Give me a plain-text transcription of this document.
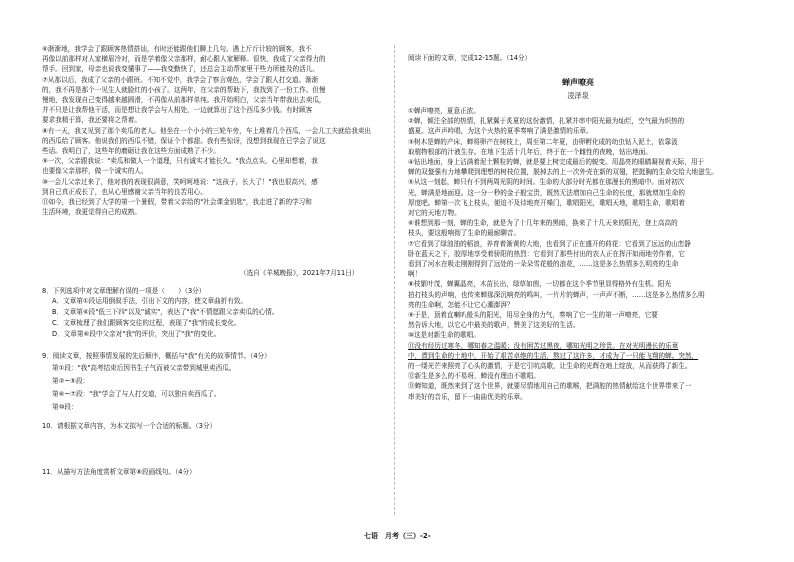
⑥渐渐地，我学会了跟顾客热情搭讪，有时还能跟他们聊上几句。遇上斤斤计较的顾客，我不
再像以前那样对人家横眉冷对，而是学着像父亲那样，耐心跟人家解释。很快，我成了父亲得力的
帮手。回到家，母亲也说我变懂事了——我变勤快了，还总会主动帮家里干些力所能及的活儿。
⑦从那以后，我成了父亲的小跟班。不知不觉中，我学会了察言观色，学会了跟人打交道。渐渐
的，我不再是那个一见生人就脸红的小孩了。这两年，在父亲的帮助下，我找到了一份工作。但慢
慢地，我发现自己变得越来越圆滑，不再像从前那样单纯。我开始明白，父亲当年带我出去卖瓜，
并不只是让我帮他干活，而是想让我学会与人相处，一边就算出了这个西瓜多少钱。有时顾客
要求我精于算，我还要将之帮着。
⑧有一天，我又见到了那个卖瓜的老人。他坐在一个小小的三轮车旁，车上堆着几个西瓜，一会儿工夫就给我卖出
的西瓜给了顾客。他说我们的西瓜不错，保证个个都甜。我有些惊讶，没想到我现在已学会了说这
些话。我明白了，这些年的磨砺让我在这些方面成熟了不少。
⑨一次，父亲跟我说："卖瓜和做人一个道理，只有诚实才能长久。"我点点头，心里却想着，我
也要像父亲那样，做一个诚实的人。
⑩一会儿父亲过来了，他对我的表现很满意，笑呵呵地说："这孩子，长大了！"我也很高兴，感
到自己真正成长了，也从心里感谢父亲当年的良苦用心。
⑪如今，我已经到了大学的第一个暑假，带着父亲给的"社会课金钥匙"，我走进了新的学习和
生活环境，我更觉得自己的成熟。
（选自《羊城晚报》，2021年7月11日）
8．下列选项中对文章理解有误的一项是（　　）（3分）
A．文章第①段运用倒叙手法，引出下文的内容，使文章曲折有致。
B．文章第⑥段"低三下四"以及"诚实"，表达了"我"不情愿跟父亲卖瓜的心情。
C．文章梳理了我们跟顾客交往的过程，表现了"我"的成长变化。
D．文章第⑥段中父亲对"我"的评价，突出了"我"的变化。
9．阅读文章，按照事情发展的先后顺序，概括与"我"有关的故事情节。（4分）
第①段："我"高考结束后因书生子气而被父亲带到城里卖西瓜。
第②~⑤段：
第⑥~⑦段："我"学会了与人打交道，可以独自卖西瓜了。
第⑩段：
10．请根据文章内容，为本文拟写一个合适的标题。（3分）
11．从描写方法角度赏析文章第⑧段画线句。（4分）
阅读下面的文章，完成12-15题。（14分）
蝉声嘹亮
凌泽泉
①蝉声嘹亮，夏意正浓。
②蝉，倾注全部的热情，扎紧翼于炙夏的这份激情，扎紧并串中阳光最为灿烂，空气最为炽热的
盛夏。这声声吟唱，为这个火热的夏季奏响了满是激情的乐章。
③树木是蝉的产床，蝉将卵产在树枝上，周至第二年夏，由卵孵化成的幼虫钻入泥土，依靠汲
取植物根部的汁液生存。在地下生活十几年后，终于在一个雌性的夜晚，钻出地面。
④钻出地面，身上沾满着泥土颗粒的蝉，就是要上树完成最后的蜕变。用晶亮的眼睛凝视着天际，用于
蝉的双螯强有力地攀爬到理想的树枝位置，脱掉去的上一次外壳在新的双翅，把挺胸的生命交给大地滋生。
⑤从这一刻起，蝉只有不到两周光阴的时间。生命的大部分时光都在那漫长的黑暗中。面对初次
光，蝉满是地面迎。这一分一秒的金子般宝贵，既然无法增加自己生命的长度，那就增加生命的
厚度吧。蝉第一次飞上枝头，便迫不及待地亮开嗓门，歌唱阳光，歌唱天地，歌唱生命，歌唱着
对它的天地万物。
⑥谁想到那一刻，蝉的生命，就是为了十几年来的黑暗，换来了十几天来的阳光，登上高高的
枝头，要这般响彻了生命的最耐聊音。
⑦它看到了绿油油的稻浪，养育着渐黄的大地，也看到了正在盛开的荷花：它看到了远远的山峦静
卧在蓝天之下，胶厚地享受着骄阳的热烈：它看到了那些付出的农人正在挥汗如雨地劳作着，它
看到了河水在吸走刚刚得到了远处的一朵朵雪花般的浪花，……这是多么热情多么明亮的生命
啊！
⑧枝繁叶茂，蝉翼晶亮，木苗长出，绿草如茵，一切都在这个季节里显得格外有生机。阳光
拍打枝头的声响，也传来蝉那深沉响亮的鸣叫，一片片的蝉声，一声声不断，……这是多么热情多么明
亮的生命啊，怎能不让它心潮澎湃？
⑨于是，顶着直喇叭般头的阳光，用尽全身的力气，奏响了它一生的第一声嘹亮，它要
然告诉大地，以它心中最美的歌声，赞美了这美好的生活。
⑩这是对新生命的歌唱。
⑪没有经历过寒冬，哪知春之温暖；没有困苦过黑夜，哪知光明之珍贵。在对光明漫长的乐章
中，漂到生命的土地中，开始了艰苦卓绝的生活，熬过了这许多，才成为了一只能飞翔的蝉。突然，
的一缕光芒来照亮了心头的激情，于是它引吭高歌，让生命的光辉在地上绽放，从而获得了新生。
⑫新生是多么的不易呀，蝉没有理由不歌唱。
⑬蝉知道，既然来到了这个世界，就要尽情地用自己的歌喉，把满腔的热情献给这个世界带来了一
串美好的音乐，留下一曲曲优美的乐章。
七语　月考（三）-2-
